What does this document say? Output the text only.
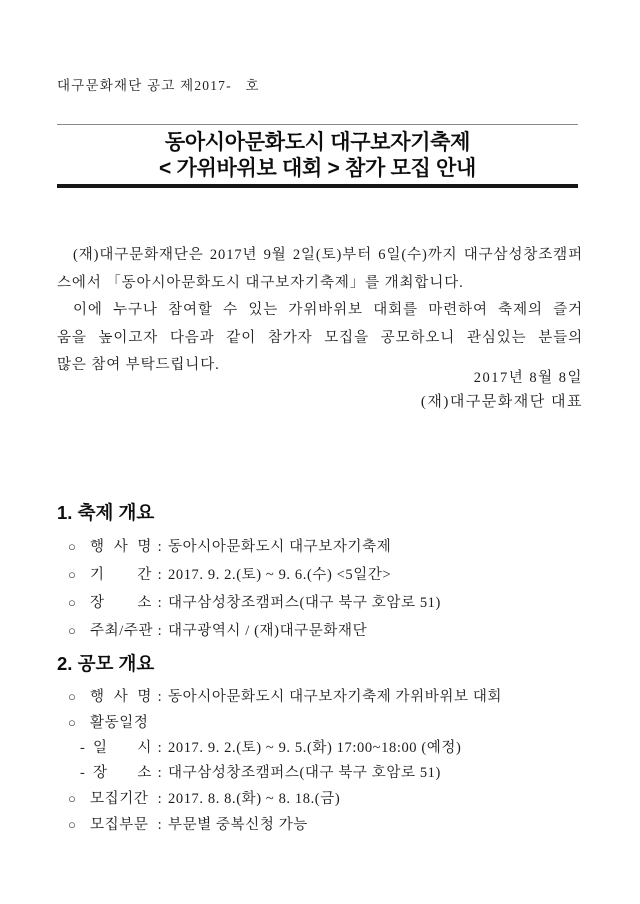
대구문화재단 공고 제2017-   호
동아시아문화도시 대구보자기축제
< 가위바위보 대회 > 참가 모집 안내
(재)대구문화재단은 2017년 9월 2일(토)부터 6일(수)까지 대구삼성창조캠퍼
스에서 「동아시아문화도시 대구보자기축제」를 개최합니다.
이에 누구나 참여할 수 있는 가위바위보 대회를 마련하여 축제의 즐거
움을 높이고자 다음과 같이 참가자 모집을 공모하오니 관심있는 분들의
많은 참여 부탁드립니다.
2017년 8월 8일
(재)대구문화재단 대표
1. 축제 개요
○ 행 사 명 : 동아시아문화도시 대구보자기축제
○ 기 간 : 2017. 9. 2.(토) ~ 9. 6.(수) <5일간>
○ 장 소 : 대구삼성창조캠퍼스(대구 북구 호암로 51)
○ 주최/주관 : 대구광역시 / (재)대구문화재단
2. 공모 개요
○ 행 사 명 : 동아시아문화도시 대구보자기축제 가위바위보 대회
○ 활동일정
- 일 시 : 2017. 9. 2.(토) ~ 9. 5.(화) 17:00~18:00 (예정)
- 장 소 : 대구삼성창조캠퍼스(대구 북구 호암로 51)
○ 모집기간 : 2017. 8. 8.(화) ~ 8. 18.(금)
○ 모집부문 : 부문별 중복신청 가능
